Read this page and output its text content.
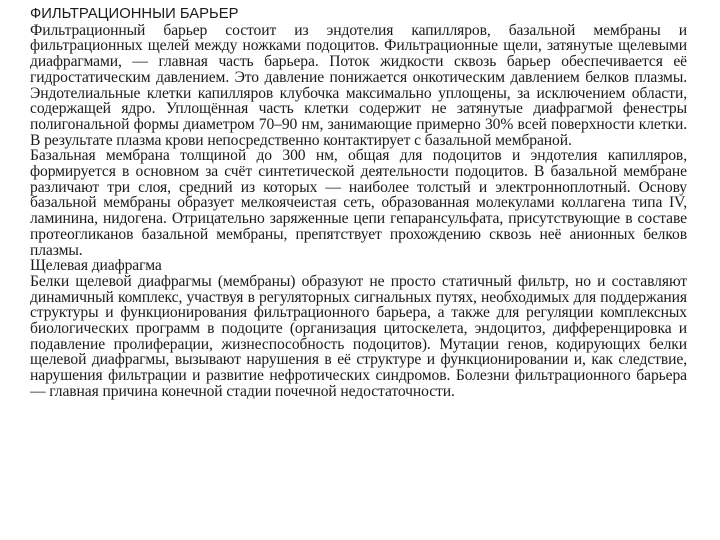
ФИЛЬТРАЦИОННЫЙ БАРЬЕР

Фильтрационный барьер состоит из эндотелия капилляров, базальной мембраны и фильтрационных щелей между ножками подоцитов. Фильтрационные щели, затянутые щелевыми диафрагмами, — главная часть барьера. Поток жидкости сквозь барьер обеспечивается её гидростатическим давлением. Это давление понижается онкотическим давлением белков плазмы. Эндотелиальные клетки капилляров клубочка максимально уплощены, за исключением области, содержащей ядро. Уплощённая часть клетки содержит не затянутые диафрагмой фенестры полигональной формы диаметром 70–90 нм, занимающие примерно 30% всей поверхности клетки. В результате плазма крови непосредственно контактирует с базальной мембраной.

Базальная мембрана толщиной до 300 нм, общая для подоцитов и эндотелия капилляров, формируется в основном за счёт синтетической деятельности подоцитов. В базальной мембране различают три слоя, средний из которых — наиболее толстый и электронноплотный. Основу базальной мембраны образует мелкоячеистая сеть, образованная молекулами коллагена типа IV, ламинина, нидогена. Отрицательно заряженные цепи гепарансульфата, присутствующие в составе протеогликанов базальной мембраны, препятствует прохождению сквозь неё анионных белков плазмы.

Щелевая диафрагма

Белки щелевой диафрагмы (мембраны) образуют не просто статичный фильтр, но и составляют динамичный комплекс, участвуя в регуляторных сигнальных путях, необходимых для поддержания структуры и функционирования фильтрационного барьера, а также для регуляции комплексных биологических программ в подоците (организация цитоскелета, эндоцитоз, дифференцировка и подавление пролиферации, жизнеспособность подоцитов). Мутации генов, кодирующих белки щелевой диафрагмы, вызывают нарушения в её структуре и функционировании и, как следствие, нарушения фильтрации и развитие нефротических синдромов. Болезни фильтрационного барьера — главная причина конечной стадии почечной недостаточности.
